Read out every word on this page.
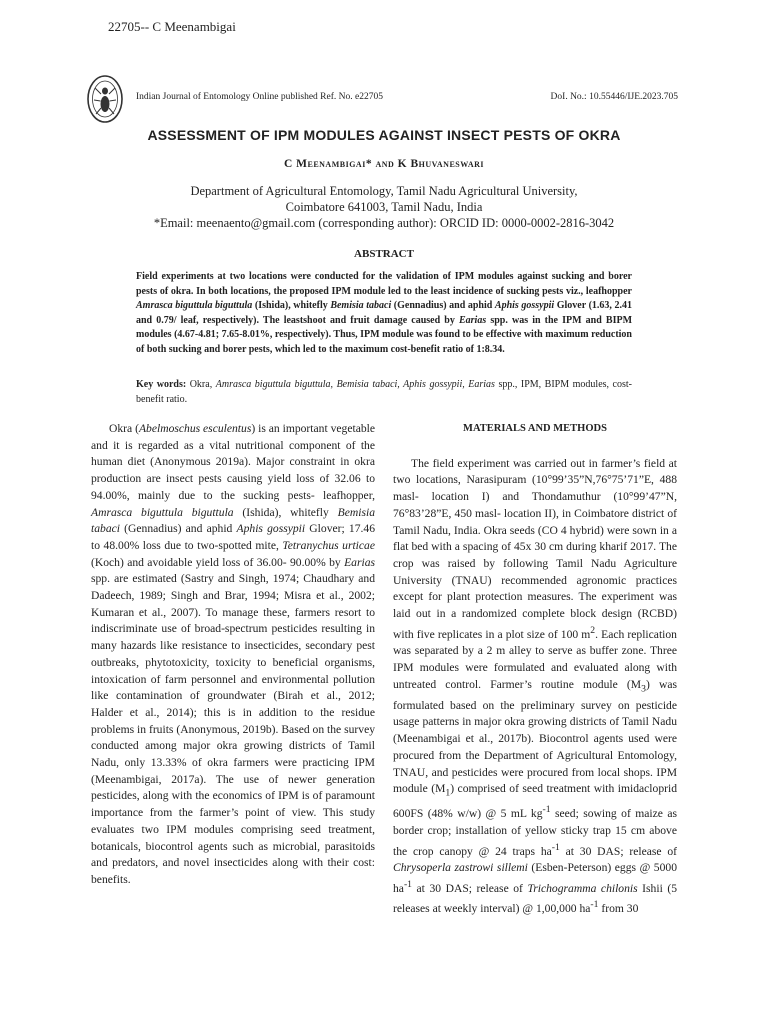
22705-- C Meenambigai
Indian Journal of Entomology Online published Ref. No. e22705	DoI. No.: 10.55446/IJE.2023.705
ASSESSMENT OF IPM MODULES AGAINST INSECT PESTS OF OKRA
C Meenambigai* and K Bhuvaneswari
Department of Agricultural Entomology, Tamil Nadu Agricultural University,
Coimbatore 641003, Tamil Nadu, India
*Email: meenaento@gmail.com (corresponding author): ORCID ID: 0000-0002-2816-3042
ABSTRACT

Field experiments at two locations were conducted for the validation of IPM modules against sucking and borer pests of okra. In both locations, the proposed IPM module led to the least incidence of sucking pests viz., leafhopper Amrasca biguttula biguttula (Ishida), whitefly Bemisia tabaci (Gennadius) and aphid Aphis gossypii Glover (1.63, 2.41 and 0.79/ leaf, respectively). The leastshoot and fruit damage caused by Earias spp. was in the IPM and BIPM modules (4.67-4.81; 7.65-8.01%, respectively). Thus, IPM module was found to be effective with maximum reduction of both sucking and borer pests, which led to the maximum cost-benefit ratio of 1:8.34.

Key words: Okra, Amrasca biguttula biguttula, Bemisia tabaci, Aphis gossypii, Earias spp., IPM, BIPM modules, cost-benefit ratio.

Okra (Abelmoschus esculentus) is an important vegetable and it is regarded as a vital nutritional component of the human diet (Anonymous 2019a). Major constraint in okra production are insect pests causing yield loss of 32.06 to 94.00%, mainly due to the sucking pests- leafhopper, Amrasca biguttula biguttula (Ishida), whitefly Bemisia tabaci (Gennadius) and aphid Aphis gossypii Glover; 17.46 to 48.00% loss due to two-spotted mite, Tetranychus urticae (Koch) and avoidable yield loss of 36.00- 90.00% by Earias spp. are estimated (Sastry and Singh, 1974; Chaudhary and Dadeech, 1989; Singh and Brar, 1994; Misra et al., 2002; Kumaran et al., 2007). To manage these, farmers resort to indiscriminate use of broad-spectrum pesticides resulting in many hazards like resistance to insecticides, secondary pest outbreaks, phytotoxicity, toxicity to beneficial organisms, intoxication of farm personnel and environmental pollution like contamination of groundwater (Birah et al., 2012; Halder et al., 2014); this is in addition to the residue problems in fruits (Anonymous, 2019b). Based on the survey conducted among major okra growing districts of Tamil Nadu, only 13.33% of okra farmers were practicing IPM (Meenambigai, 2017a). The use of newer generation pesticides, along with the economics of IPM is of paramount importance from the farmer’s point of view. This study evaluates two IPM modules comprising seed treatment, botanicals, biocontrol agents such as microbial, parasitoids and predators, and novel insecticides along with their cost: benefits.

MATERIALS AND METHODS

The field experiment was carried out in farmer’s field at two locations, Narasipuram (10°99’35”N,76°75’71”E, 488 masl- location I) and Thondamuthur (10°99’47”N, 76°83’28”E, 450 masl- location II), in Coimbatore district of Tamil Nadu, India. Okra seeds (CO 4 hybrid) were sown in a flat bed with a spacing of 45x 30 cm during kharif 2017. The crop was raised by following Tamil Nadu Agriculture University (TNAU) recommended agronomic practices except for plant protection measures. The experiment was laid out in a randomized complete block design (RCBD) with five replicates in a plot size of 100 $m^2$. Each replication was separated by a 2 m alley to serve as buffer zone. Three IPM modules were formulated and evaluated along with untreated control. Farmer’s routine module $(M_3)$ was formulated based on the preliminary survey on pesticide usage patterns in major okra growing districts of Tamil Nadu (Meenambigai et al., 2017b). Biocontrol agents used were procured from the Department of Agricultural Entomology, TNAU, and pesticides were procured from local shops. IPM module $(M_1)$ comprised of seed treatment with imidacloprid 600FS (48% w/w) @ 5 mL $kg^{-1}$ seed; sowing of maize as border crop; installation of yellow sticky trap 15 cm above the crop canopy @ 24 traps $ha^{-1}$ at 30 DAS; release of Chrysoperla zastrowi sillemi (Esben-Peterson) eggs @ 5000 $ha^{-1}$ at 30 DAS; release of Trichogramma chilonis Ishii (5 releases at weekly interval) @ 1,00,000 $ha^{-1}$ from 30
